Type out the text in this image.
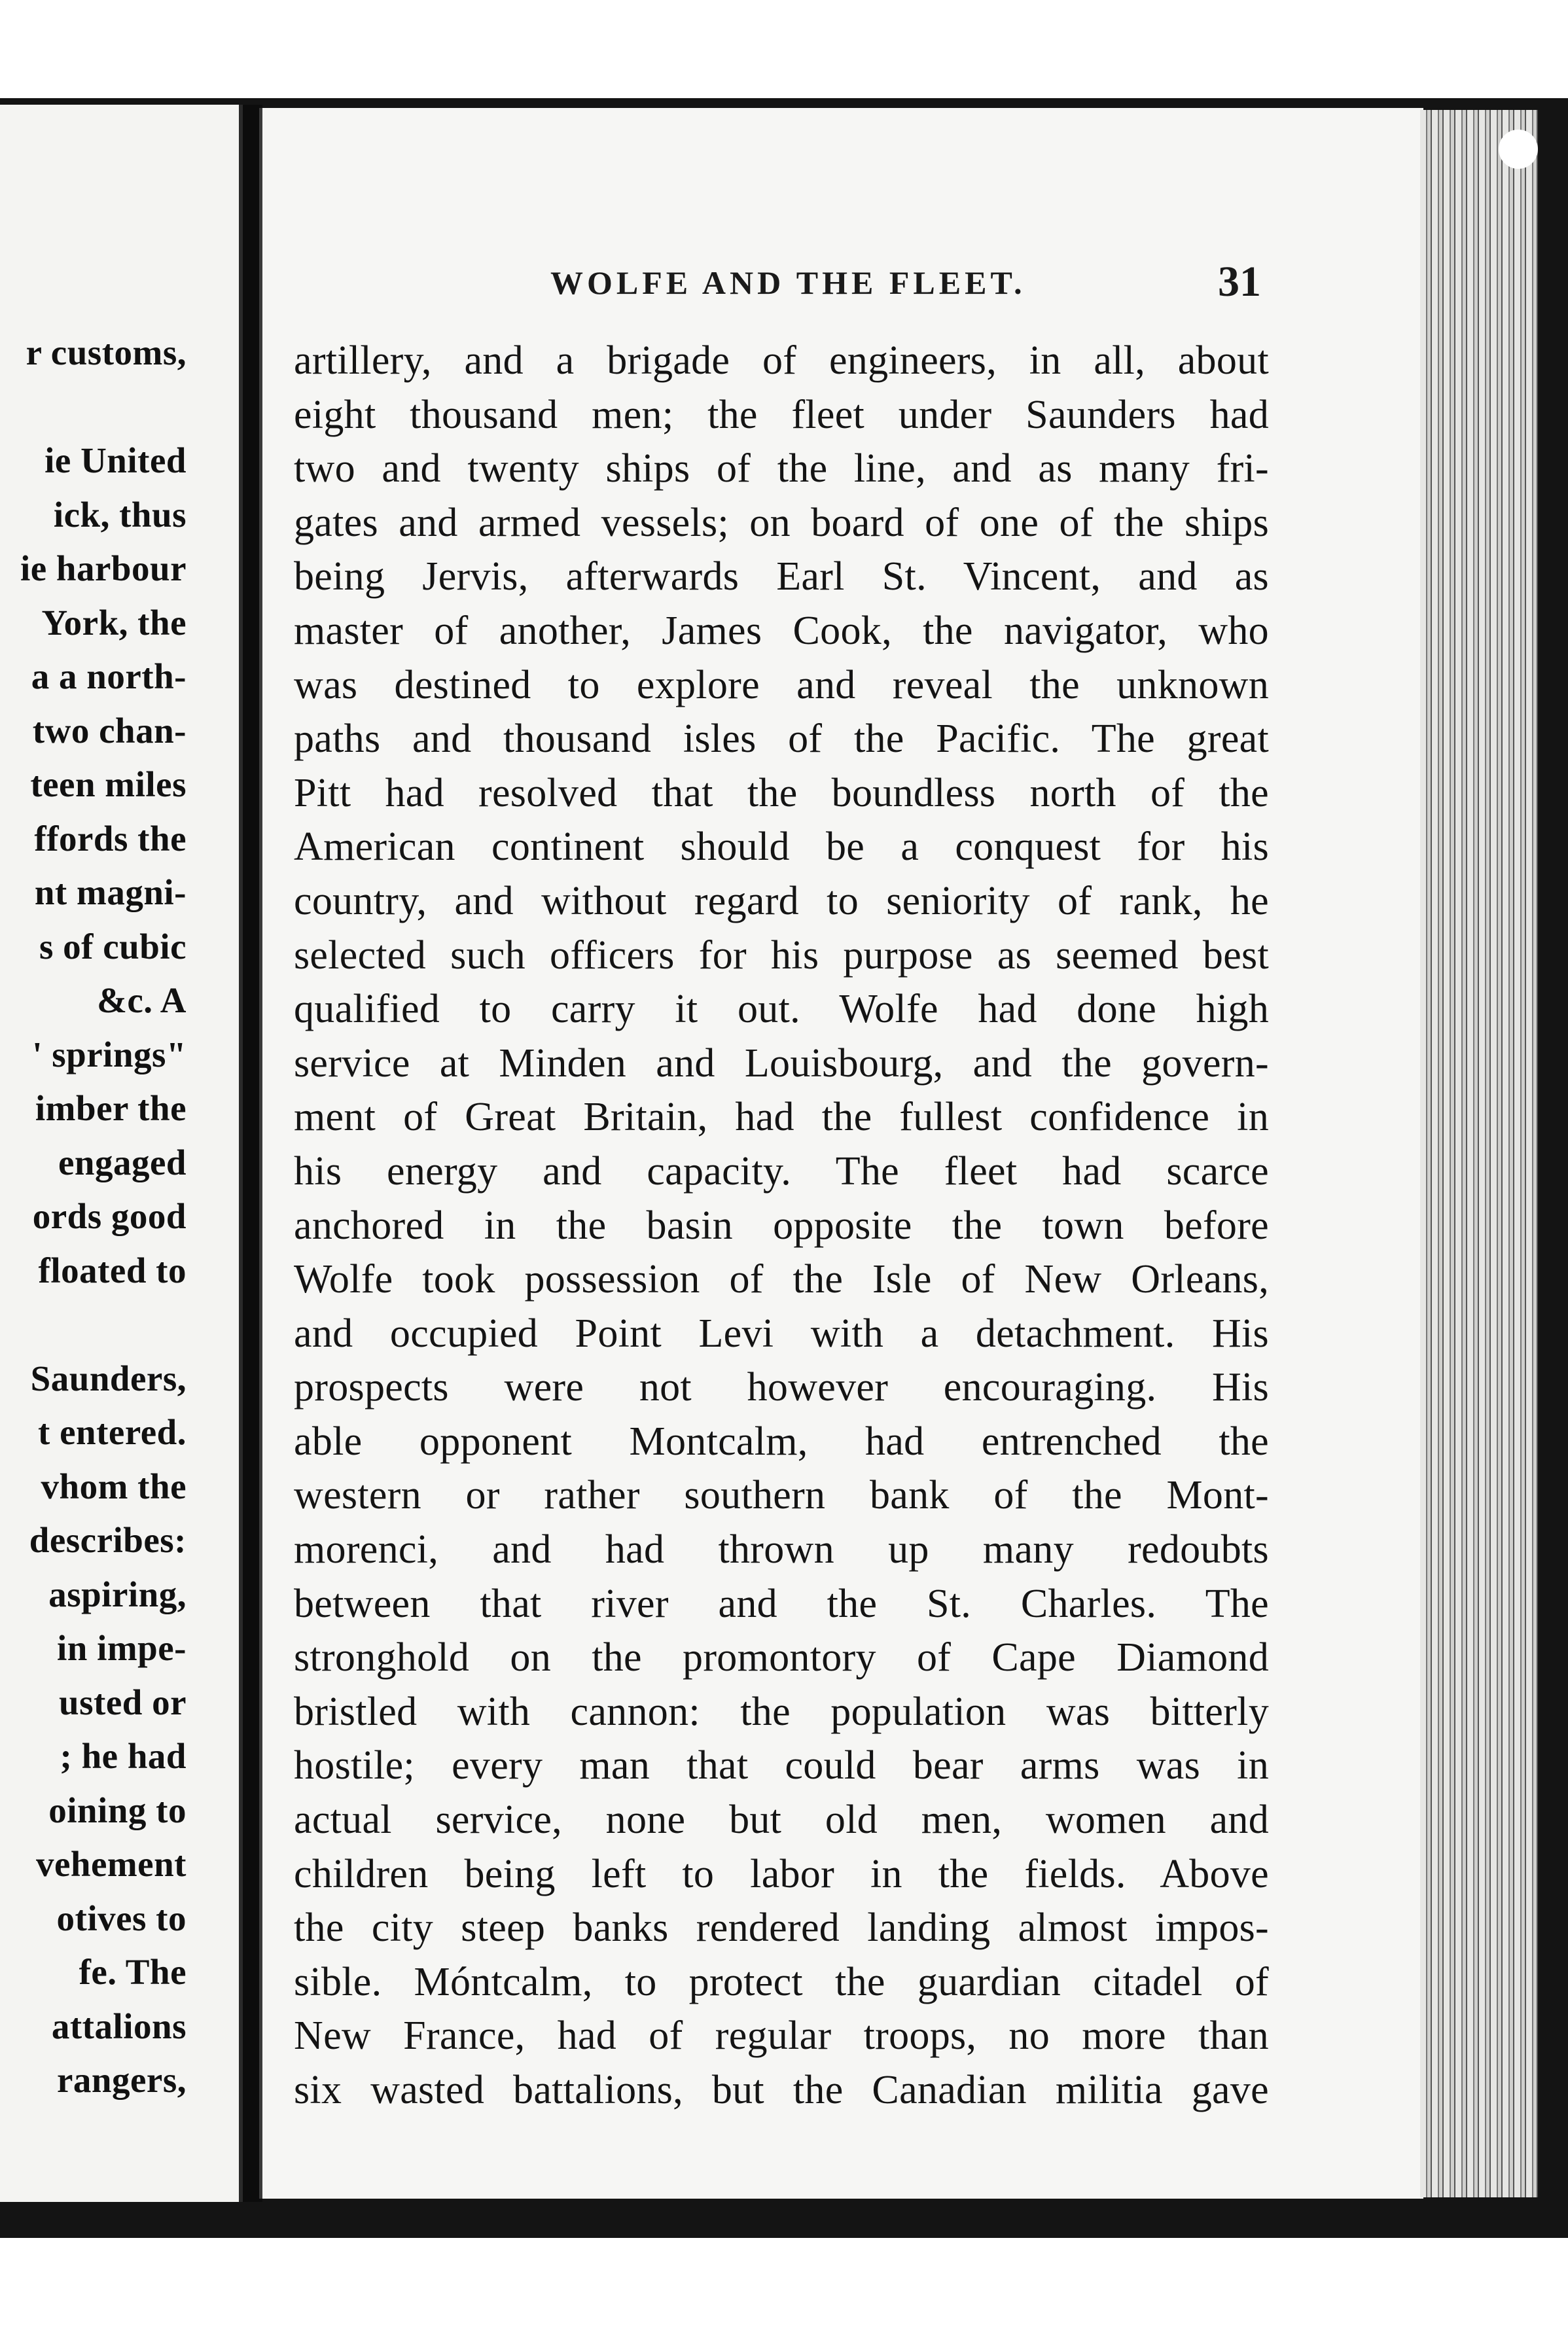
r customs,
ie United
ick, thus
ie harbour
York, the
a a north-
two chan-
teen miles
ffords the
nt magni-
s of cubic
&c. A
' springs"
imber the
engaged
ords good
floated to
Saunders,
t entered.
vhom the
describes:
aspiring,
in impe-
usted or
; he had
oining to
vehement
otives to
fe. The
attalions
rangers,
WOLFE AND THE FLEET.	31
artillery, and a brigade of engineers, in all, about
eight thousand men; the fleet under Saunders had
two and twenty ships of the line, and as many fri-
gates and armed vessels; on board of one of the ships
being Jervis, afterwards Earl St. Vincent, and as
master of another, James Cook, the navigator, who
was destined to explore and reveal the unknown
paths and thousand isles of the Pacific. The great
Pitt had resolved that the boundless north of the
American continent should be a conquest for his
country, and without regard to seniority of rank, he
selected such officers for his purpose as seemed best
qualified to carry it out. Wolfe had done high
service at Minden and Louisbourg, and the govern-
ment of Great Britain, had the fullest confidence in
his energy and capacity. The fleet had scarce
anchored in the basin opposite the town before
Wolfe took possession of the Isle of New Orleans,
and occupied Point Levi with a detachment. His
prospects were not however encouraging. His
able opponent Montcalm, had entrenched the
western or rather southern bank of the Mont-
morenci, and had thrown up many redoubts
between that river and the St. Charles. The
stronghold on the promontory of Cape Diamond
bristled with cannon: the population was bitterly
hostile; every man that could bear arms was in
actual service, none but old men, women and
children being left to labor in the fields. Above
the city steep banks rendered landing almost impos-
sible. Móntcalm, to protect the guardian citadel of
New France, had of regular troops, no more than
six wasted battalions, but the Canadian militia gave
